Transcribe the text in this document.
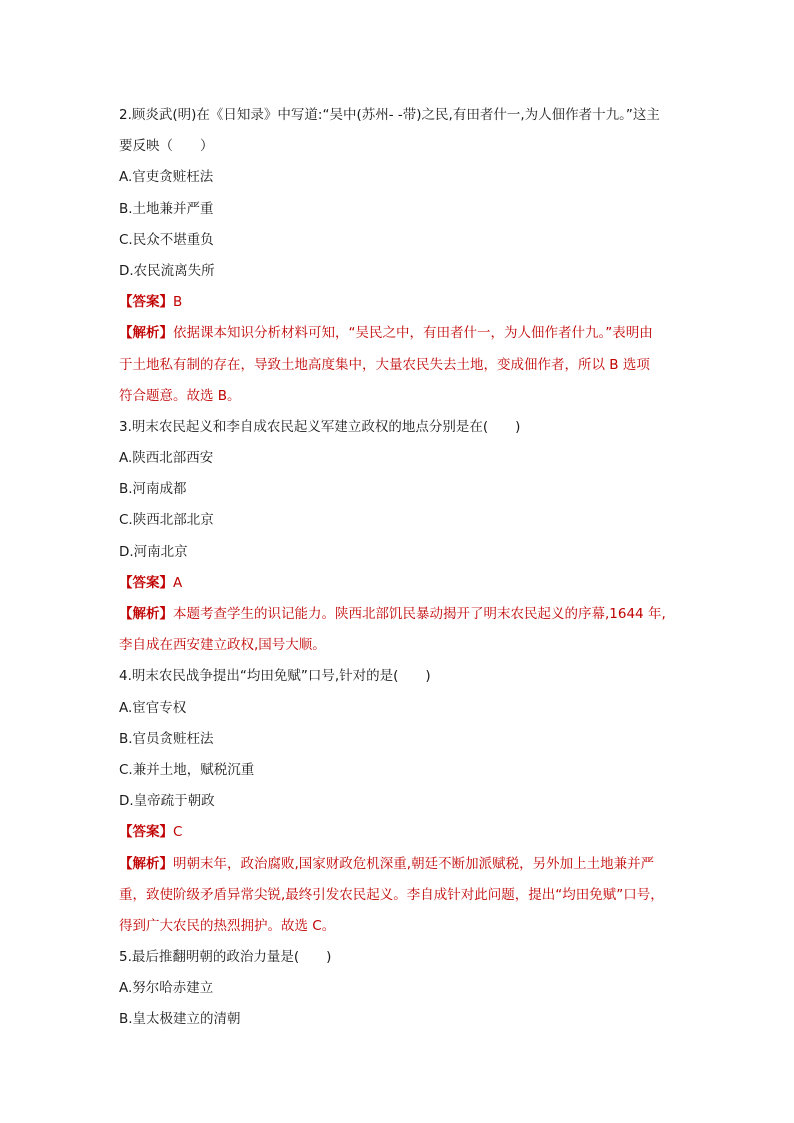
2.顾炎武(明)在《日知录》中写道:“吴中(苏州- -带)之民,有田者什一,为人佃作者十九。”这主
要反映（　　）
A.官吏贪赃枉法
B.土地兼并严重
C.民众不堪重负
D.农民流离失所
【答案】B
【解析】依据课本知识分析材料可知，“吴民之中，有田者什一，为人佃作者什九。”表明由
于土地私有制的存在，导致土地高度集中，大量农民失去土地，变成佃作者，所以 B 选项
符合题意。故选 B。
3.明末农民起义和李自成农民起义军建立政权的地点分别是在(　　)
A.陕西北部西安
B.河南成都
C.陕西北部北京
D.河南北京
【答案】A
【解析】本题考查学生的识记能力。陕西北部饥民暴动揭开了明末农民起义的序幕,1644 年,
李自成在西安建立政权,国号大顺。
4.明末农民战争提出“均田免赋”口号,针对的是(　　)
A.宦官专权
B.官员贪赃枉法
C.兼并土地，赋税沉重
D.皇帝疏于朝政
【答案】C
【解析】明朝末年，政治腐败,国家财政危机深重,朝廷不断加派赋税，另外加上土地兼并严
重，致使阶级矛盾异常尖锐,最终引发农民起义。李自成针对此问题，提出“均田免赋”口号，
得到广大农民的热烈拥护。故选 C。
5.最后推翻明朝的政治力量是(　　)
A.努尔哈赤建立
B.皇太极建立的清朝
